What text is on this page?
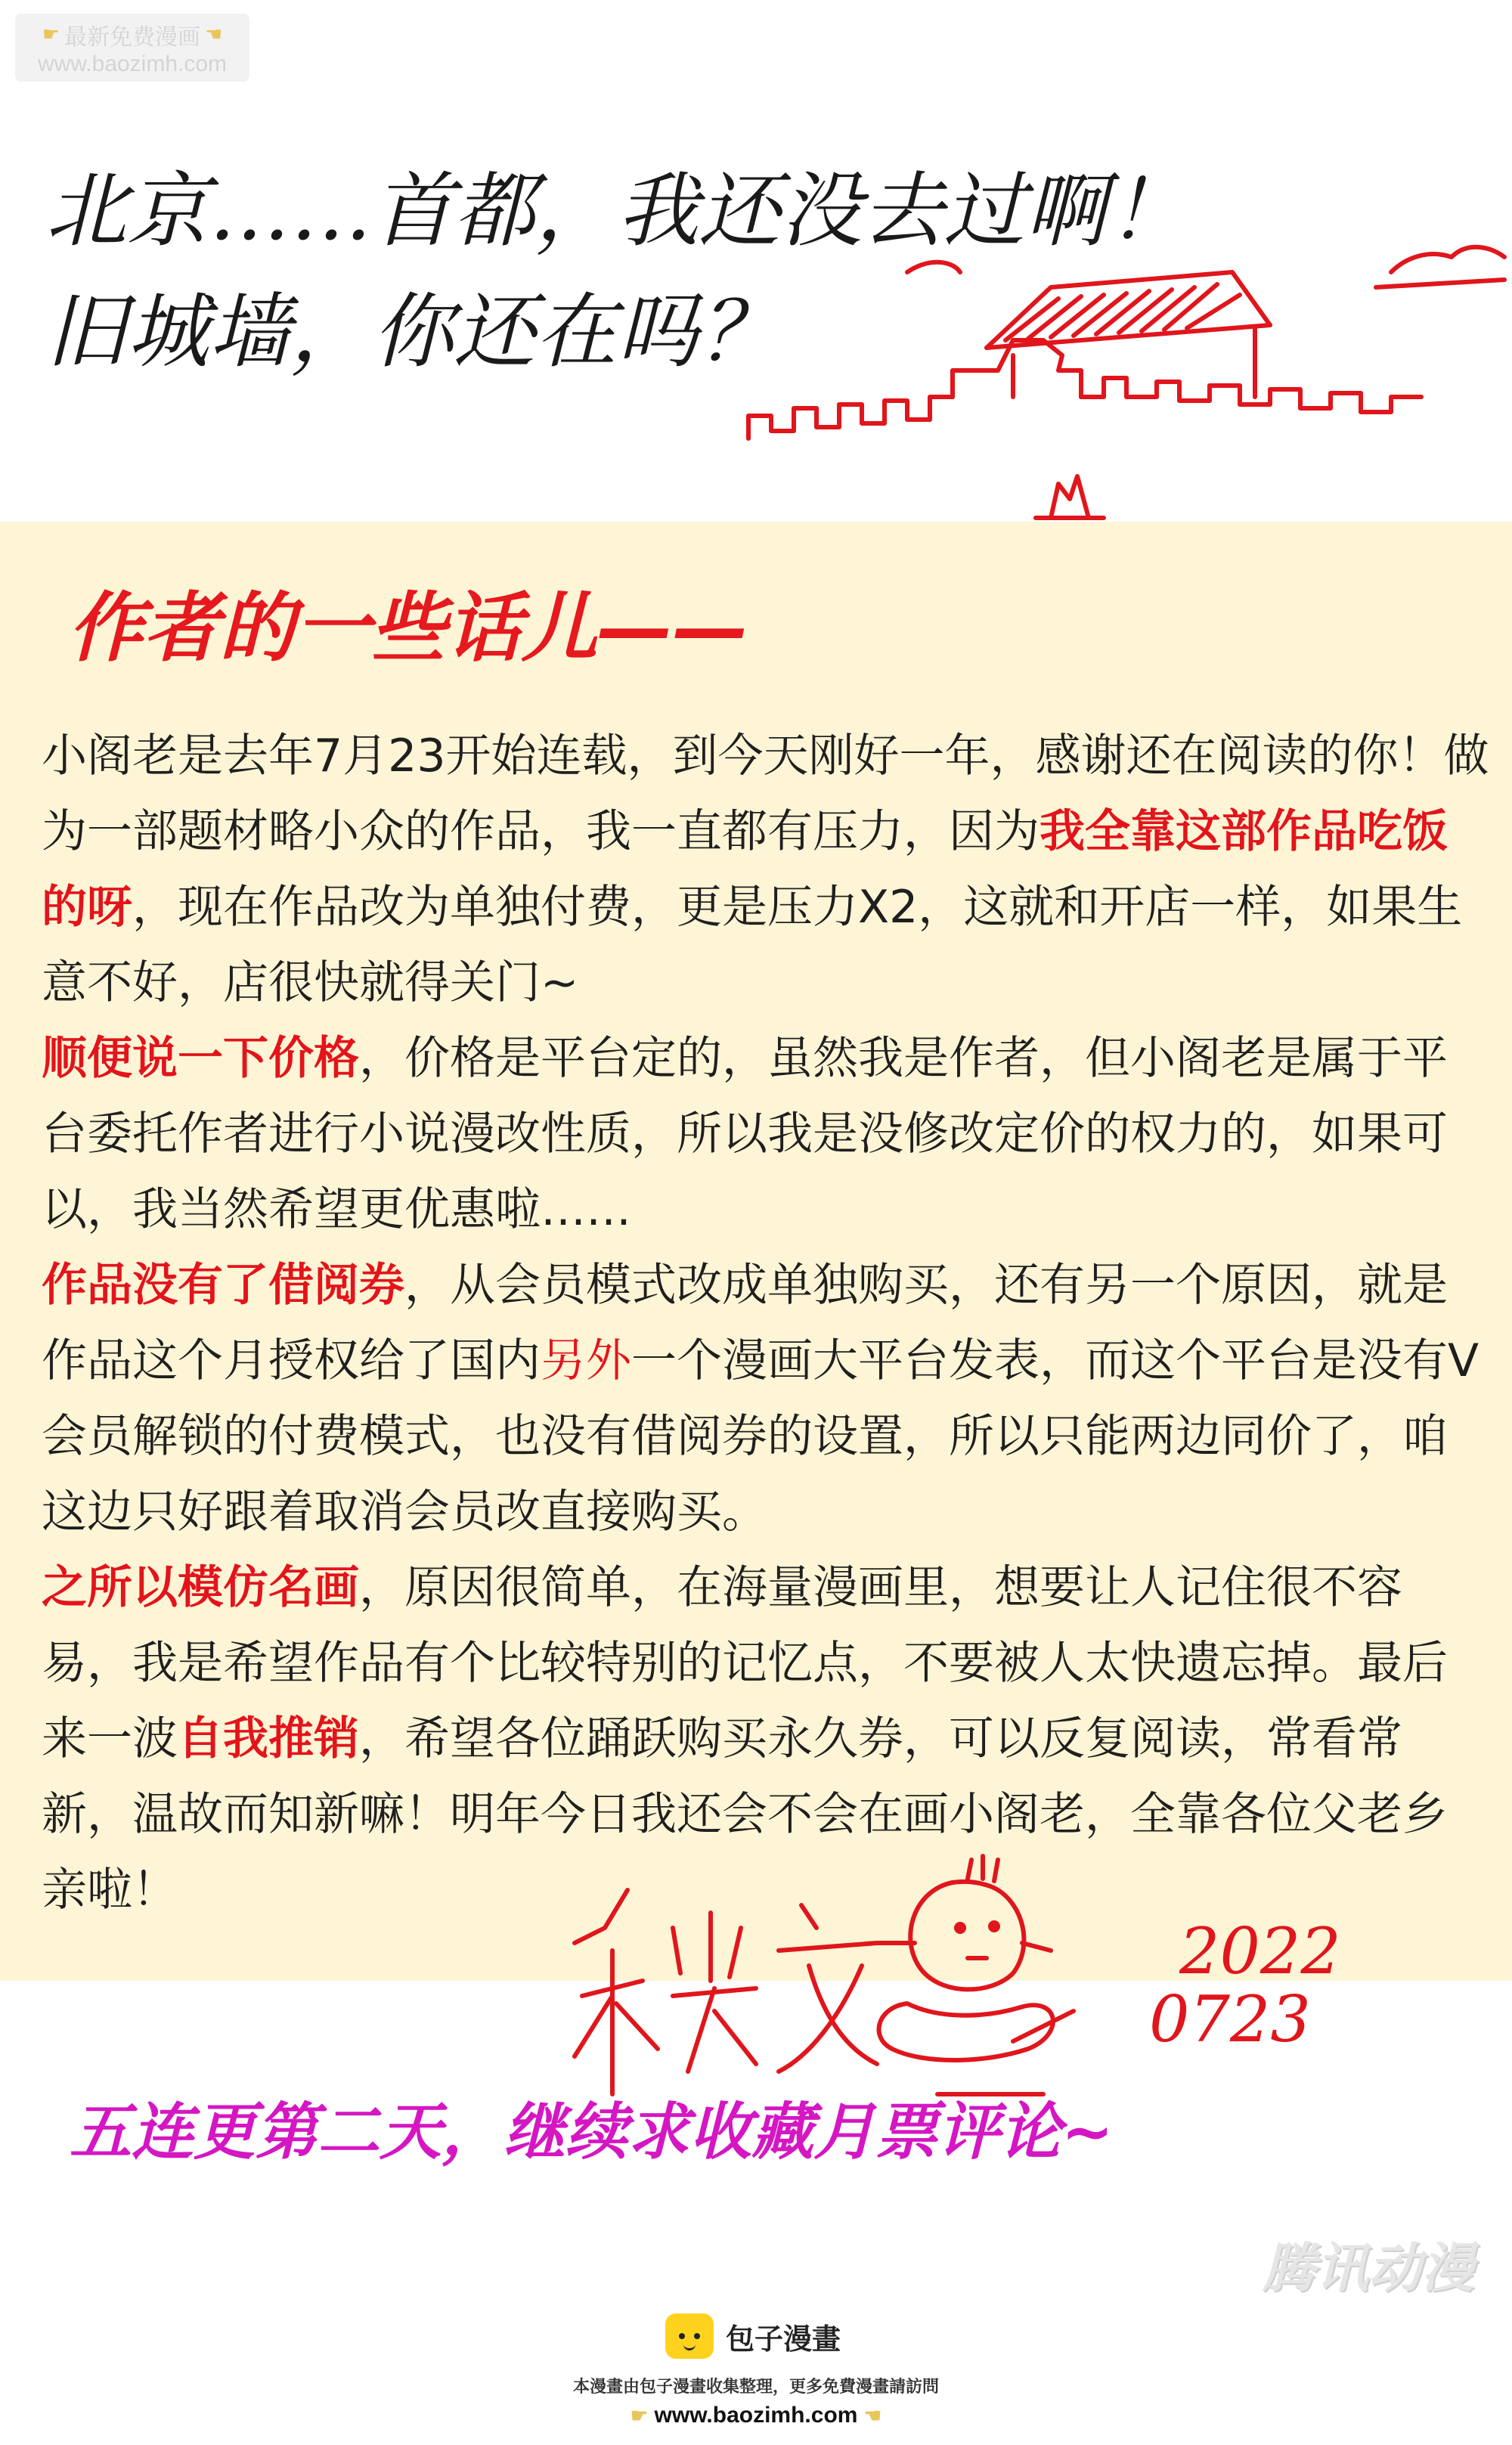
☛ 最新免费漫画 ☚
www.baozimh.com
北京……首都，我还没去过啊！
旧城墙，你还在吗？
作者的一些话儿——

小阁老是去年7月23开始连载，到今天刚好一年，感谢还在阅读的你！做为一部题材略小众的作品，我一直都有压力，因为我全靠这部作品吃饭的呀，现在作品改为单独付费，更是压力X2，这就和开店一样，如果生意不好，店很快就得关门~

顺便说一下价格，价格是平台定的，虽然我是作者，但小阁老是属于平台委托作者进行小说漫改性质，所以我是没修改定价的权力的，如果可以，我当然希望更优惠啦……

作品没有了借阅券，从会员模式改成单独购买，还有另一个原因，就是作品这个月授权给了国内另外一个漫画大平台发表，而这个平台是没有V会员解锁的付费模式，也没有借阅券的设置，所以只能两边同价了，咱这边只好跟着取消会员改直接购买。

之所以模仿名画，原因很简单，在海量漫画里，想要让人记住很不容易，我是希望作品有个比较特别的记忆点，不要被人太快遗忘掉。最后来一波自我推销，希望各位踊跃购买永久券，可以反复阅读，常看常新，温故而知新嘛！明年今日我还会不会在画小阁老，全靠各位父老乡亲啦！

2022
0723
五连更第二天，继续求收藏月票评论~
腾讯动漫
包子漫畫
本漫畫由包子漫畫收集整理，更多免費漫畫請訪問
☛ www.baozimh.com ☚
